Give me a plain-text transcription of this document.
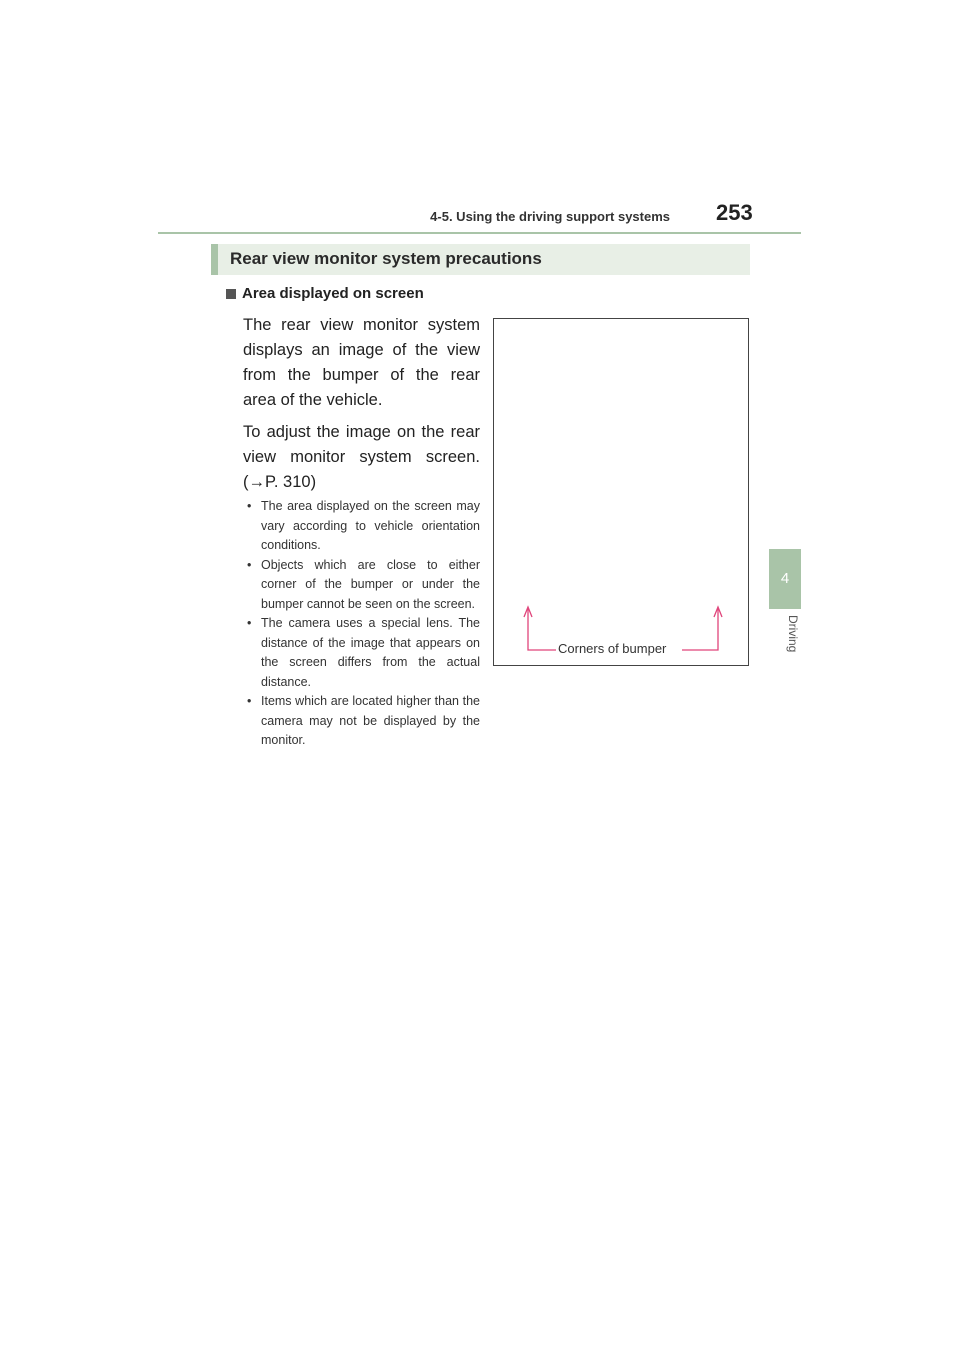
4-5. Using the driving support systems 253
4
Driving
Rear view monitor system precautions
Area displayed on screen

The rear view monitor system displays an image of the view from the bumper of the rear area of the vehicle.

To adjust the image on the rear view monitor system screen. (→P. 310)

• The area displayed on the screen may vary according to vehicle orientation conditions.
• Objects which are close to either corner of the bumper or under the bumper cannot be seen on the screen.
• The camera uses a special lens. The distance of the image that appears on the screen differs from the actual distance.
• Items which are located higher than the camera may not be displayed by the monitor.
Corners of bumper
